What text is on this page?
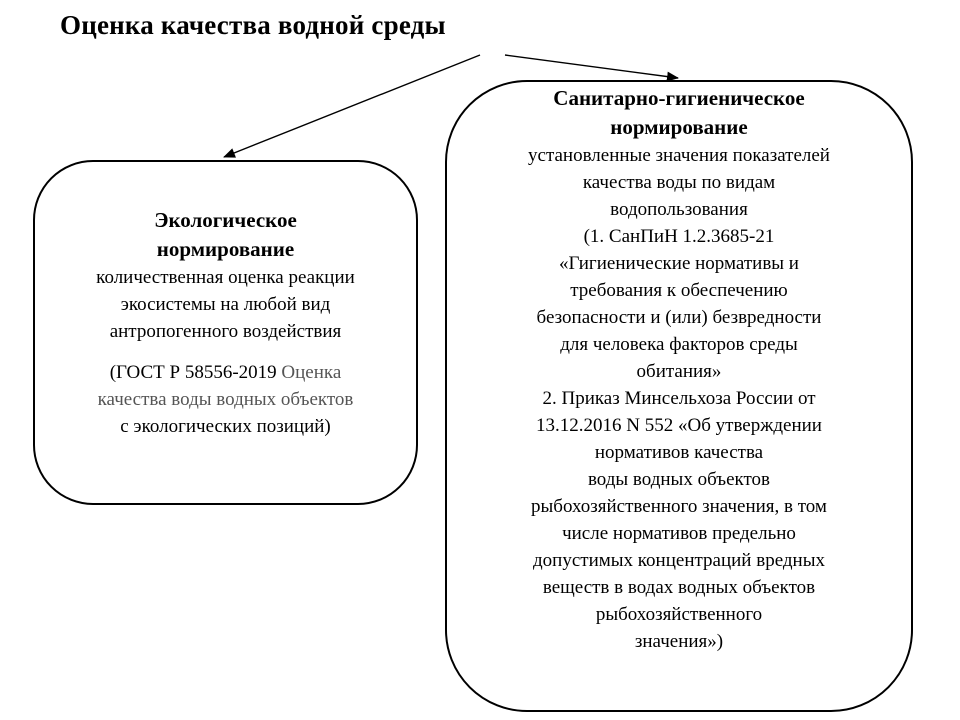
Оценка качества водной среды
Экологическое
нормирование
количественная оценка реакции
экосистемы на любой вид
антропогенного воздействия
(ГОСТ Р 58556-2019 Оценка
качества воды водных объектов
с экологических позиций)
Санитарно-гигиеническое
нормирование
установленные значения показателей
качества воды по видам
водопользования
(1. СанПиН 1.2.3685-21
«Гигиенические нормативы и
требования к обеспечению
безопасности и (или) безвредности
для человека факторов среды
обитания»
2. Приказ Минсельхоза России от
13.12.2016 N 552 «Об утверждении
нормативов качества
воды водных объектов
рыбохозяйственного значения, в том
числе нормативов предельно
допустимых концентраций вредных
веществ в водах водных объектов
рыбохозяйственного
значения»)
